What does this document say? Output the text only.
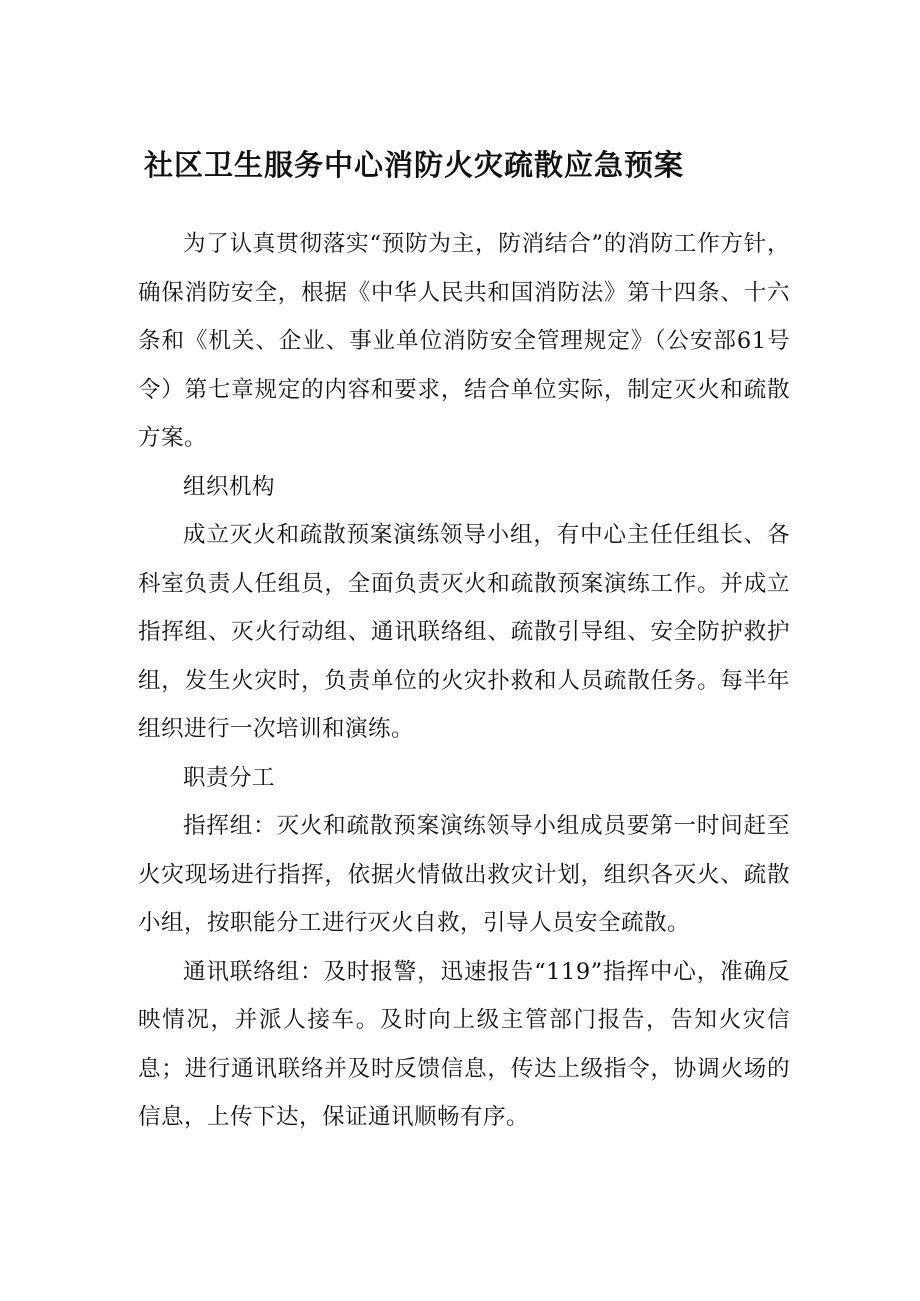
社区卫生服务中心消防火灾疏散应急预案

为了认真贯彻落实“预防为主，防消结合”的消防工作方针，确保消防安全，根据《中华人民共和国消防法》第十四条、十六条和《机关、企业、事业单位消防安全管理规定》（公安部61号令）第七章规定的内容和要求，结合单位实际，制定灭火和疏散方案。

组织机构

成立灭火和疏散预案演练领导小组，有中心主任任组长、各科室负责人任组员，全面负责灭火和疏散预案演练工作。并成立指挥组、灭火行动组、通讯联络组、疏散引导组、安全防护救护组，发生火灾时，负责单位的火灾扑救和人员疏散任务。每半年组织进行一次培训和演练。

职责分工

指挥组：灭火和疏散预案演练领导小组成员要第一时间赶至火灾现场进行指挥，依据火情做出救灾计划，组织各灭火、疏散小组，按职能分工进行灭火自救，引导人员安全疏散。

通讯联络组：及时报警，迅速报告“119”指挥中心，准确反映情况，并派人接车。及时向上级主管部门报告，告知火灾信息；进行通讯联络并及时反馈信息，传达上级指令，协调火场的信息，上传下达，保证通讯顺畅有序。
